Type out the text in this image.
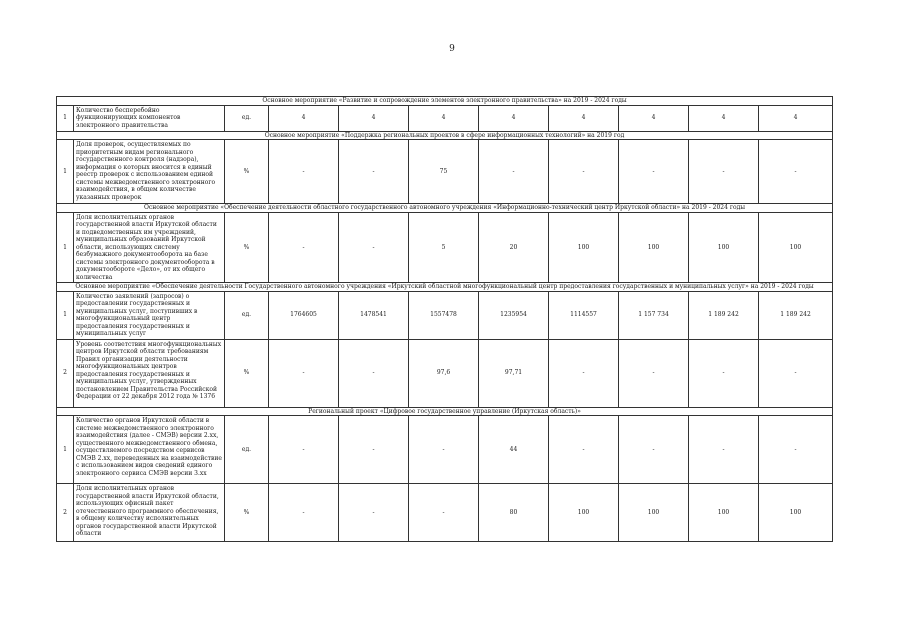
9
Основное мероприятие «Развитие и сопровождение элементов электронного правительства» на 2019 - 2024 годы										
1	Количество бесперебойно функционирующих компонентов электронного правительства	ед.	4	4	4	4	4	4	4	4
Основное мероприятие «Поддержка региональных проектов в сфере информационных технологий» на 2019 год										
1	Доля проверок, осуществляемых по приоритетным видам регионального государственного контроля (надзора), информация о которых вносится в единый реестр проверок с использованием единой системы межведомственного электронного взаимодействия, в общем количестве указанных проверок	%	-	-	75	-	-	-	-	-
Основное мероприятие «Обеспечение деятельности областного государственного автономного учреждения «Информационно-технический центр Иркутской области» на 2019 - 2024 годы										
1	Доля исполнительных органов государственной власти Иркутской области и подведомственных им учреждений, муниципальных образований Иркутской области, использующих систему безбумажного документооборота на базе системы электронного документооборота в документообороте «Дело», от их общего количества	%	-	-	5	20	100	100	100	100
Основное мероприятие «Обеспечение деятельности Государственного автономного учреждения «Иркутский областной многофункциональный центр предоставления государственных и муниципальных услуг» на 2019 - 2024 годы										
1	Количество заявлений (запросов) о предоставлении государственных и муниципальных услуг, поступивших в многофункциональный центр предоставления государственных и муниципальных услуг	ед.	1764605	1478541	1557478	1235954	1114557	1 157 734	1 189 242	1 189 242
2	Уровень соответствия многофункциональных центров Иркутской области требованиям Правил организации деятельности многофункциональных центров предоставления государственных и муниципальных услуг, утвержденных постановлением Правительства Российской Федерации от 22 декабря 2012 года № 1376	%	-	-	97,6	97,71	-	-	-	-
Региональный проект «Цифровое государственное управление (Иркутская область)»										
1	Количество органов Иркутской области в системе межведомственного электронного взаимодействия (далее - СМЭВ) версии 2.хх, существенного межведомственного обмена, осуществляемого посредством сервисов СМЭВ 2.хх, переведенных на взаимодействие с использованием видов сведений единого электронного сервиса СМЭВ версии 3.хх	ед.	-	-	-	44	-	-	-	-
2	Доля исполнительных органов государственной власти Иркутской области, использующих офисный пакет отечественного программного обеспечения, в общему количеству исполнительных органов государственной власти Иркутской области	%	-	-	-	80	100	100	100	100
